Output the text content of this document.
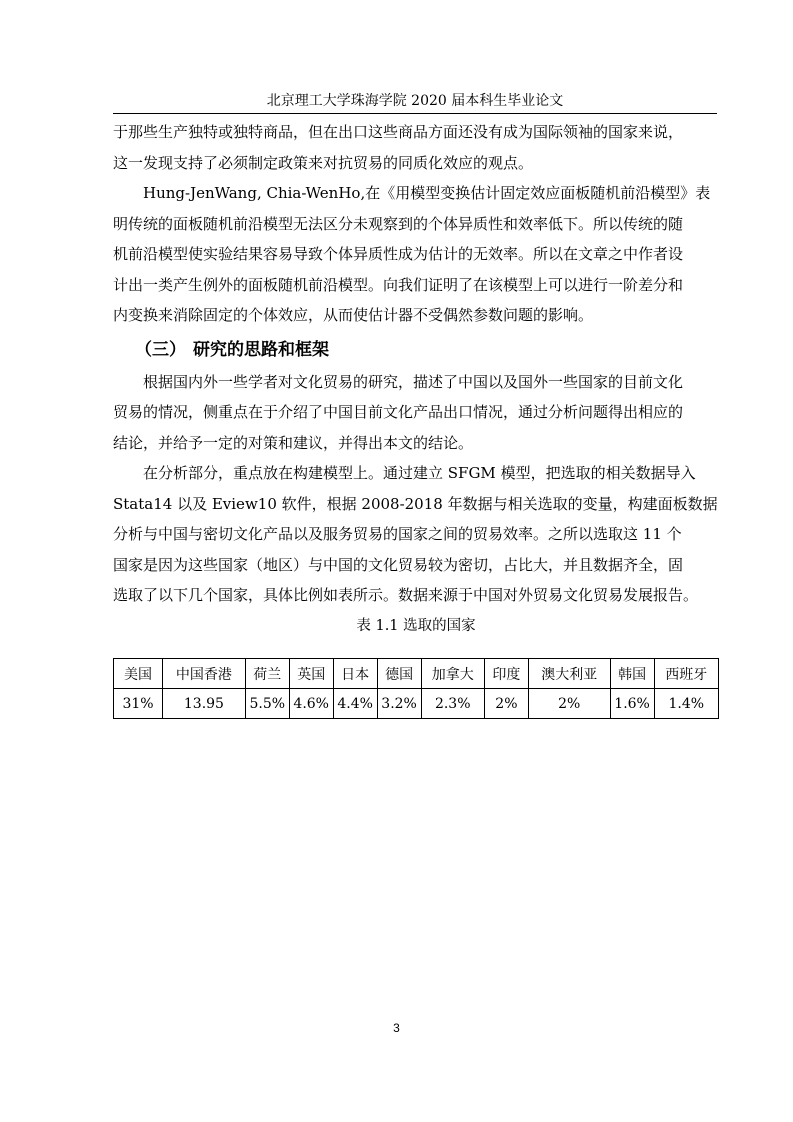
北京理工大学珠海学院 2020 届本科生毕业论文

于那些生产独特或独特商品，但在出口这些商品方面还没有成为国际领袖的国家来说，
这一发现支持了必须制定政策来对抗贸易的同质化效应的观点。

Hung-JenWang, Chia-WenHo,在《用模型变换估计固定效应面板随机前沿模型》表
明传统的面板随机前沿模型无法区分未观察到的个体异质性和效率低下。所以传统的随
机前沿模型使实验结果容易导致个体异质性成为估计的无效率。所以在文章之中作者设
计出一类产生例外的面板随机前沿模型。向我们证明了在该模型上可以进行一阶差分和
内变换来消除固定的个体效应，从而使估计器不受偶然参数问题的影响。

（三） 研究的思路和框架

根据国内外一些学者对文化贸易的研究，描述了中国以及国外一些国家的目前文化
贸易的情况，侧重点在于介绍了中国目前文化产品出口情况，通过分析问题得出相应的
结论，并给予一定的对策和建议，并得出本文的结论。

在分析部分，重点放在构建模型上。通过建立 SFGM 模型，把选取的相关数据导入
Stata14 以及 Eview10 软件，根据 2008-2018 年数据与相关选取的变量，构建面板数据
分析与中国与密切文化产品以及服务贸易的国家之间的贸易效率。之所以选取这 11 个
国家是因为这些国家（地区）与中国的文化贸易较为密切，占比大，并且数据齐全，固
选取了以下几个国家，具体比例如表所示。数据来源于中国对外贸易文化贸易发展报告。

表 1.1 选取的国家
美国	中国香港	荷兰	英国	日本	德国	加拿大	印度	澳大利亚	韩国	西班牙
31%	13.95	5.5%	4.6%	4.4%	3.2%	2.3%	2%	2%	1.6%	1.4%
3
